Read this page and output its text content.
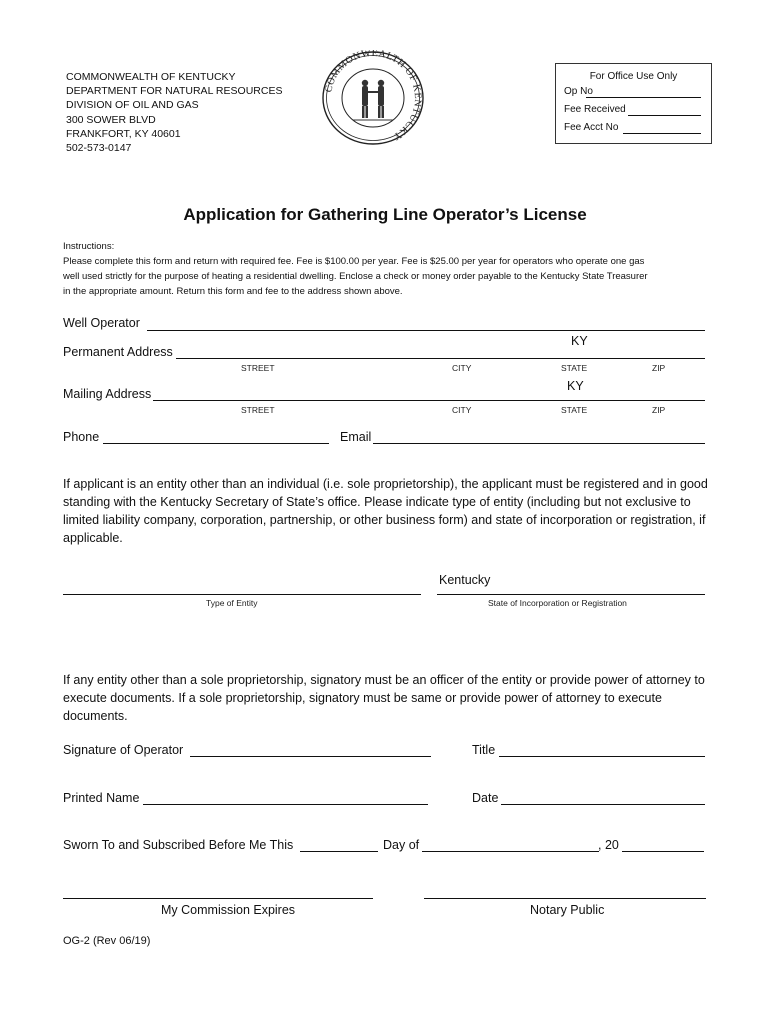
COMMONWEALTH OF KENTUCKY
DEPARTMENT FOR NATURAL RESOURCES
DIVISION OF OIL AND GAS
300 SOWER BLVD
FRANKFORT, KY 40601
502-573-0147
COMMONWEALTH OF KENTUCKY
For Office Use Only
Op No
Fee Received
Fee Acct No
Application for Gathering Line Operator’s License
Instructions:
Please complete this form and return with required fee. Fee is $100.00 per year. Fee is $25.00 per year for operators who operate one gas
well used strictly for the purpose of heating a residential dwelling. Enclose a check or money order payable to the Kentucky State Treasurer
in the appropriate amount. Return this form and fee to the address shown above.
Well Operator
KY
Permanent Address
STREET	CITY	STATE	ZIP
KY
Mailing Address
STREET	CITY	STATE	ZIP
Phone	Email
If applicant is an entity other than an individual (i.e. sole proprietorship), the applicant must be registered and in good standing with the Kentucky Secretary of State’s office. Please indicate type of entity (including but not exclusive to limited liability company, corporation, partnership, or other business form) and state of incorporation or registration, if applicable.
Kentucky
Type of Entity	State of Incorporation or Registration
If any entity other than a sole proprietorship, signatory must be an officer of the entity or provide power of attorney to execute documents. If a sole proprietorship, signatory must be same or provide power of attorney to execute documents.
Signature of Operator	Title
Printed Name	Date
Sworn To and Subscribed Before Me This	Day of	, 20
My Commission Expires	Notary Public
OG-2 (Rev 06/19)
